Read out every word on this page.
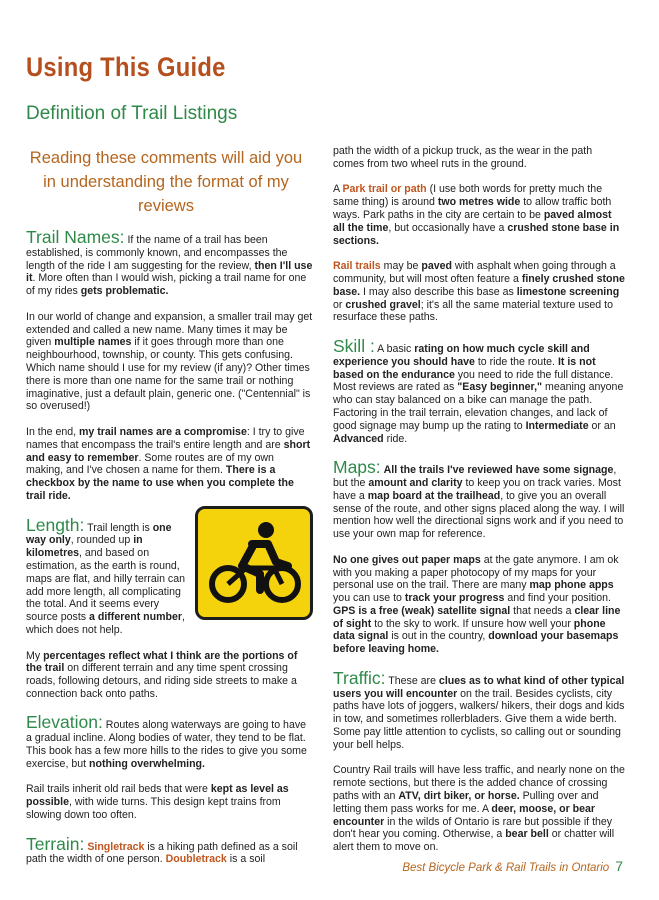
Using This Guide
Definition of Trail Listings
Reading these comments will aid you in understanding the format of my reviews

Trail Names: If the name of a trail has been established, is commonly known, and encompasses the length of the ride I am suggesting for the review, then I'll use it. More often than I would wish, picking a trail name for one of my rides gets problematic.

In our world of change and expansion, a smaller trail may get extended and called a new name. Many times it may be given multiple names if it goes through more than one neighbourhood, township, or county. This gets confusing. Which name should I use for my review (if any)? Other times there is more than one name for the same trail or nothing imaginative, just a default plain, generic one. ("Centennial" is so overused!)

In the end, my trail names are a compromise: I try to give names that encompass the trail's entire length and are short and easy to remember. Some routes are of my own making, and I've chosen a name for them. There is a checkbox by the name to use when you complete the trail ride.

Length: Trail length is one way only, rounded up in kilometres, and based on estimation, as the earth is round, maps are flat, and hilly terrain can add more length, all complicating the total. And it seems every source posts a different number, which does not help.

My percentages reflect what I think are the portions of the trail on different terrain and any time spent crossing roads, following detours, and riding side streets to make a connection back onto paths.

Elevation: Routes along waterways are going to have a gradual incline. Along bodies of water, they tend to be flat. This book has a few more hills to the rides to give you some exercise, but nothing overwhelming.

Rail trails inherit old rail beds that were kept as level as possible, with wide turns. This design kept trains from slowing down too often.

Terrain: Singletrack is a hiking path defined as a soil path the width of one person. Doubletrack is a soil

path the width of a pickup truck, as the wear in the path comes from two wheel ruts in the ground.

A Park trail or path (I use both words for pretty much the same thing) is around two metres wide to allow traffic both ways. Park paths in the city are certain to be paved almost all the time, but occasionally have a crushed stone base in sections.

Rail trails may be paved with asphalt when going through a community, but will most often feature a finely crushed stone base. I may also describe this base as limestone screening or crushed gravel; it's all the same material texture used to resurface these paths.

Skill : A basic rating on how much cycle skill and experience you should have to ride the route. It is not based on the endurance you need to ride the full distance. Most reviews are rated as "Easy beginner," meaning anyone who can stay balanced on a bike can manage the path. Factoring in the trail terrain, elevation changes, and lack of good signage may bump up the rating to Intermediate or an Advanced ride.

Maps: All the trails I've reviewed have some signage, but the amount and clarity to keep you on track varies. Most have a map board at the trailhead, to give you an overall sense of the route, and other signs placed along the way. I will mention how well the directional signs work and if you need to use your own map for reference.

No one gives out paper maps at the gate anymore. I am ok with you making a paper photocopy of my maps for your personal use on the trail. There are many map phone apps you can use to track your progress and find your position. GPS is a free (weak) satellite signal that needs a clear line of sight to the sky to work. If unsure how well your phone data signal is out in the country, download your basemaps before leaving home.

Traffic: These are clues as to what kind of other typical users you will encounter on the trail. Besides cyclists, city paths have lots of joggers, walkers/ hikers, their dogs and kids in tow, and sometimes rollerbladers. Give them a wide berth. Some pay little attention to cyclists, so calling out or sounding your bell helps.

Country Rail trails will have less traffic, and nearly none on the remote sections, but there is the added chance of crossing paths with an ATV, dirt biker, or horse. Pulling over and letting them pass works for me. A deer, moose, or bear encounter in the wilds of Ontario is rare but possible if they don't hear you coming. Otherwise, a bear bell or chatter will alert them to move on.

Best Bicycle Park & Rail Trails in Ontario 7
